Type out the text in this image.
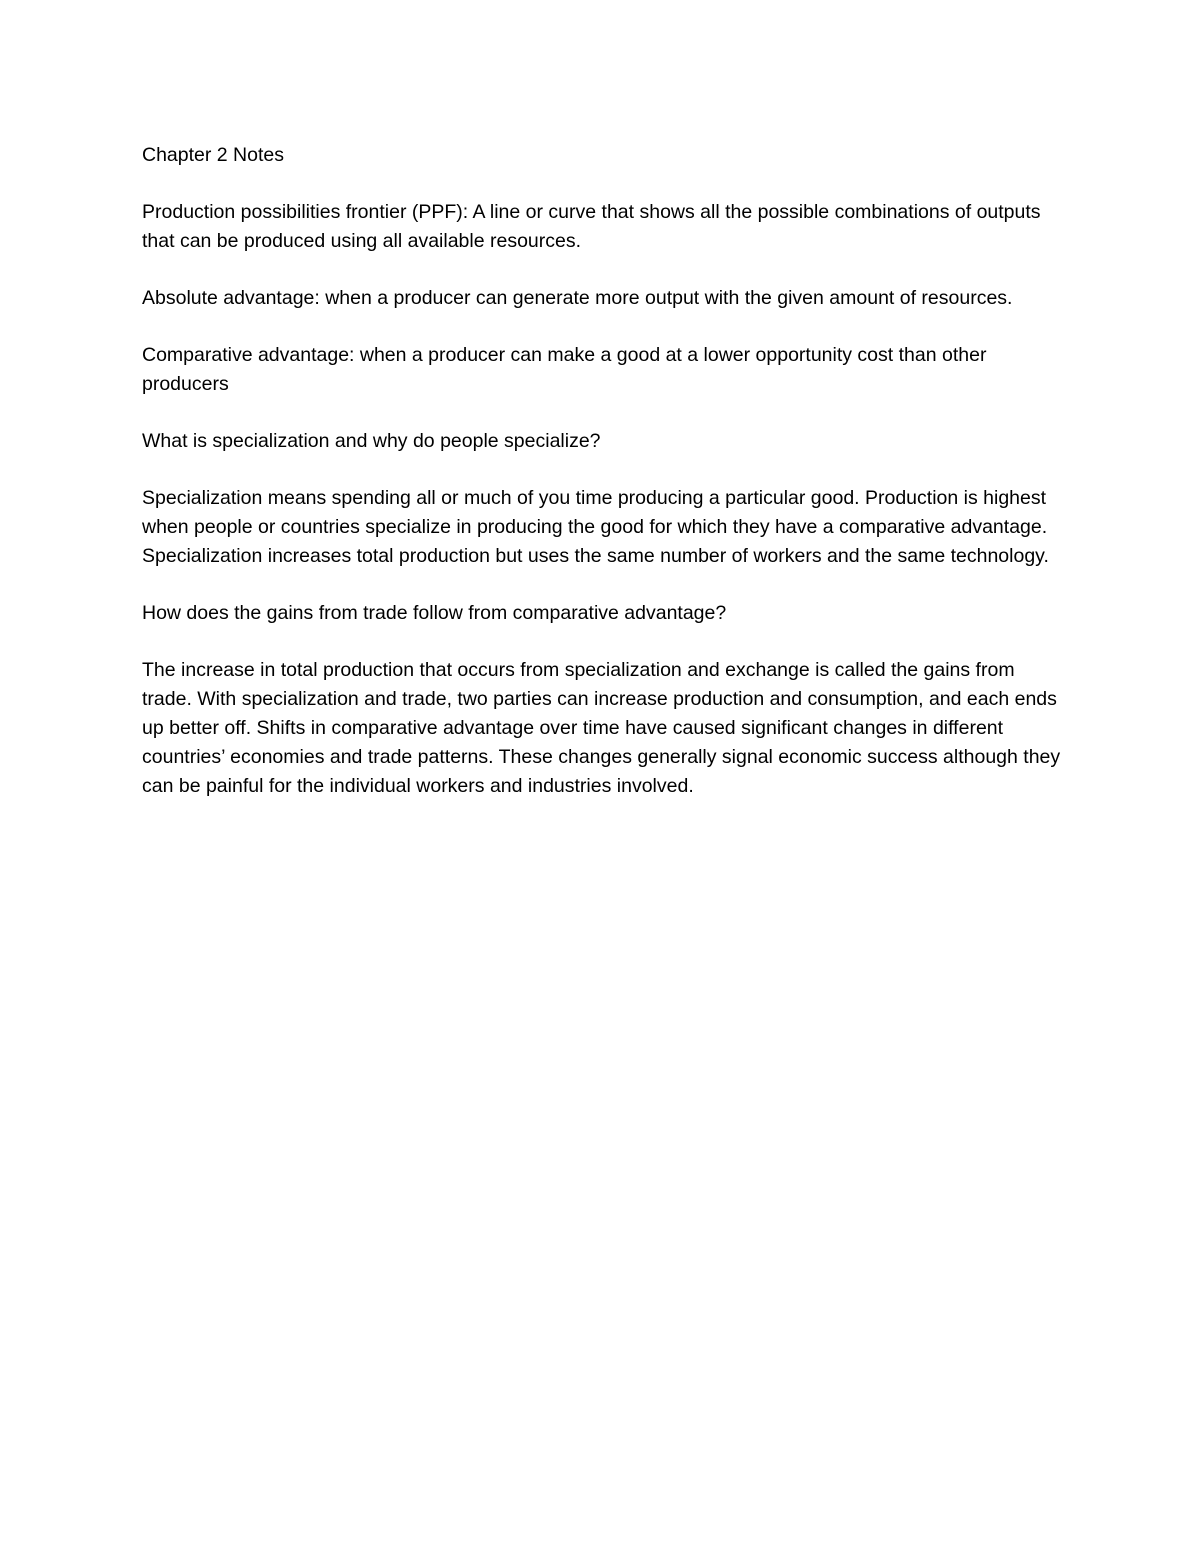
Chapter 2 Notes

Production possibilities frontier (PPF): A line or curve that shows all the possible combinations of outputs that can be produced using all available resources.

Absolute advantage: when a producer can generate more output with the given amount of resources.

Comparative advantage: when a producer can make a good at a lower opportunity cost than other producers

What is specialization and why do people specialize?

Specialization means spending all or much of you time producing a particular good. Production is highest when people or countries specialize in producing the good for which they have a comparative advantage. Specialization increases total production but uses the same number of workers and the same technology.

How does the gains from trade follow from comparative advantage?

The increase in total production that occurs from specialization and exchange is called the gains from trade. With specialization and trade, two parties can increase production and consumption, and each ends up better off. Shifts in comparative advantage over time have caused significant changes in different countries’ economies and trade patterns. These changes generally signal economic success although they can be painful for the individual workers and industries involved.
